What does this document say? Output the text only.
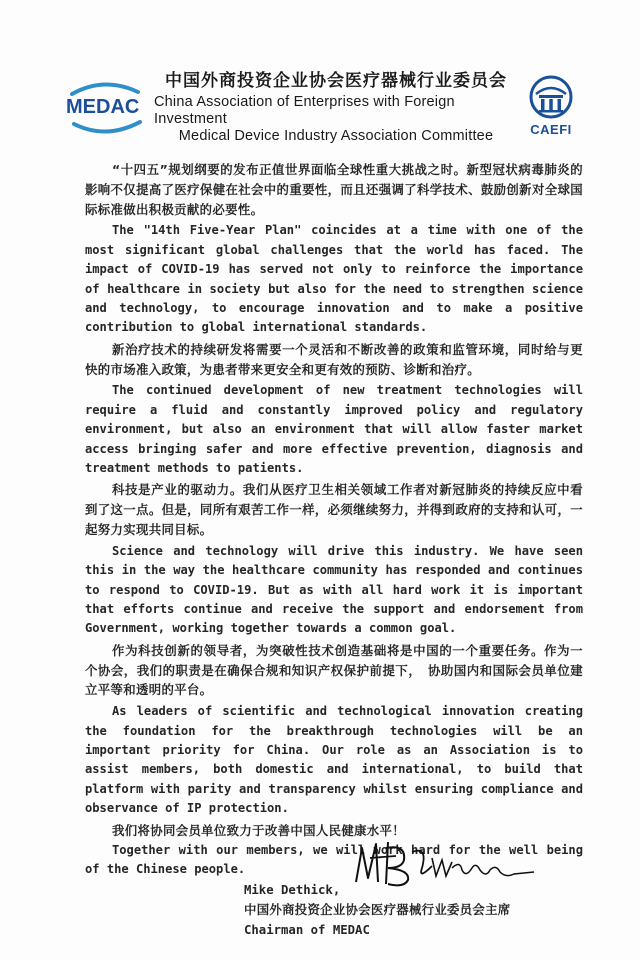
MEDAC
中国外商投资企业协会医疗器械行业委员会
China Association of Enterprises with Foreign Investment
Medical Device Industry Association Committee	CAEFI
“十四五”规划纲要的发布正值世界面临全球性重大挑战之时。新型冠状病毒肺炎的影响不仅提高了医疗保健在社会中的重要性，而且还强调了科学技术、鼓励创新对全球国际标准做出积极贡献的必要性。
The "14th Five-Year Plan" coincides at a time with one of the most significant global challenges that the world has faced. The impact of COVID-19 has served not only to reinforce the importance of healthcare in society but also for the need to strengthen science and technology, to encourage innovation and to make a positive contribution to global international standards.
新治疗技术的持续研发将需要一个灵活和不断改善的政策和监管环境，同时给与更快的市场准入政策，为患者带来更安全和更有效的预防、诊断和治疗。
The continued development of new treatment technologies will require a fluid and constantly improved policy and regulatory environment, but also an environment that will allow faster market access bringing safer and more effective prevention, diagnosis and treatment methods to patients.
科技是产业的驱动力。我们从医疗卫生相关领域工作者对新冠肺炎的持续反应中看到了这一点。但是，同所有艰苦工作一样，必须继续努力，并得到政府的支持和认可，一起努力实现共同目标。
Science and technology will drive this industry. We have seen this in the way the healthcare community has responded and continues to respond to COVID-19. But as with all hard work it is important that efforts continue and receive the support and endorsement from Government, working together towards a common goal.
作为科技创新的领导者，为突破性技术创造基础将是中国的一个重要任务。作为一个协会，我们的职责是在确保合规和知识产权保护前提下，　协助国内和国际会员单位建立平等和透明的平台。
As leaders of scientific and technological innovation creating the foundation for the breakthrough technologies will be an important priority for China. Our role as an Association is to assist members, both domestic and international, to build that platform with parity and transparency whilst ensuring compliance and observance of IP protection.
我们将协同会员单位致力于改善中国人民健康水平！
Together with our members, we will work hard for the well being of the Chinese people.
Mike Dethick,
中国外商投资企业协会医疗器械行业委员会主席
Chairman of MEDAC
